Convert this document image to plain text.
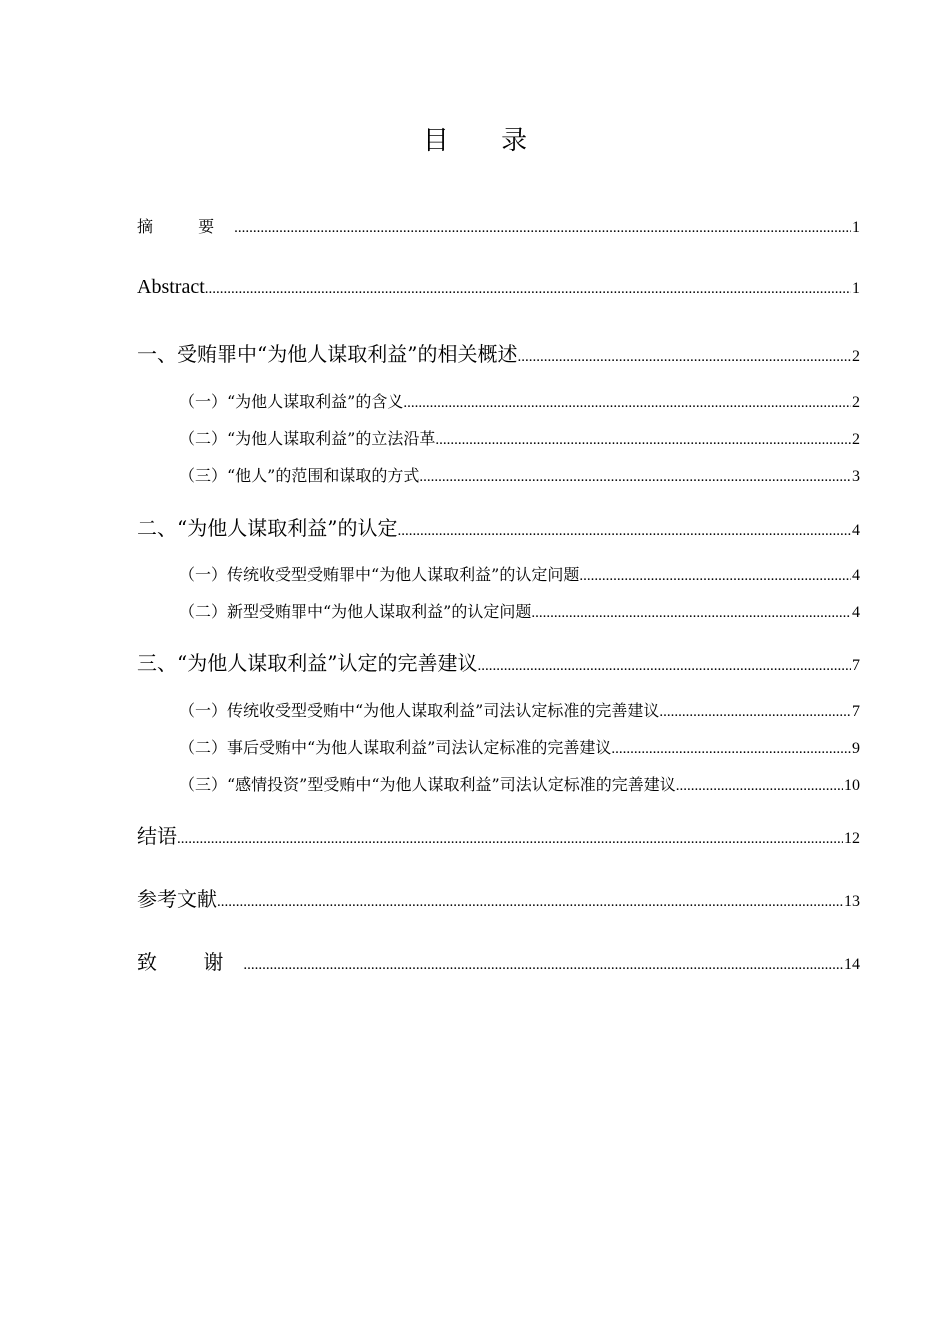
目 录
摘 要 .....	1
Abstract .....	1
一、受贿罪中“为他人谋取利益”的相关概述 .....	2
（一）“为他人谋取利益”的含义 .....	2
（二）“为他人谋取利益”的立法沿革 .....	2
（三）“他人”的范围和谋取的方式 .....	3
二、“为他人谋取利益”的认定 .....	4
（一）传统收受型受贿罪中“为他人谋取利益”的认定问题 .....	4
（二）新型受贿罪中“为他人谋取利益”的认定问题 .....	4
三、“为他人谋取利益”认定的完善建议 .....	7
（一）传统收受型受贿中“为他人谋取利益”司法认定标准的完善建议 .....	7
（二）事后受贿中“为他人谋取利益”司法认定标准的完善建议 .....	9
（三）“感情投资”型受贿中“为他人谋取利益”司法认定标准的完善建议 .....	10
结语 .....	12
参考文献 .....	13
致 谢 .....	14
